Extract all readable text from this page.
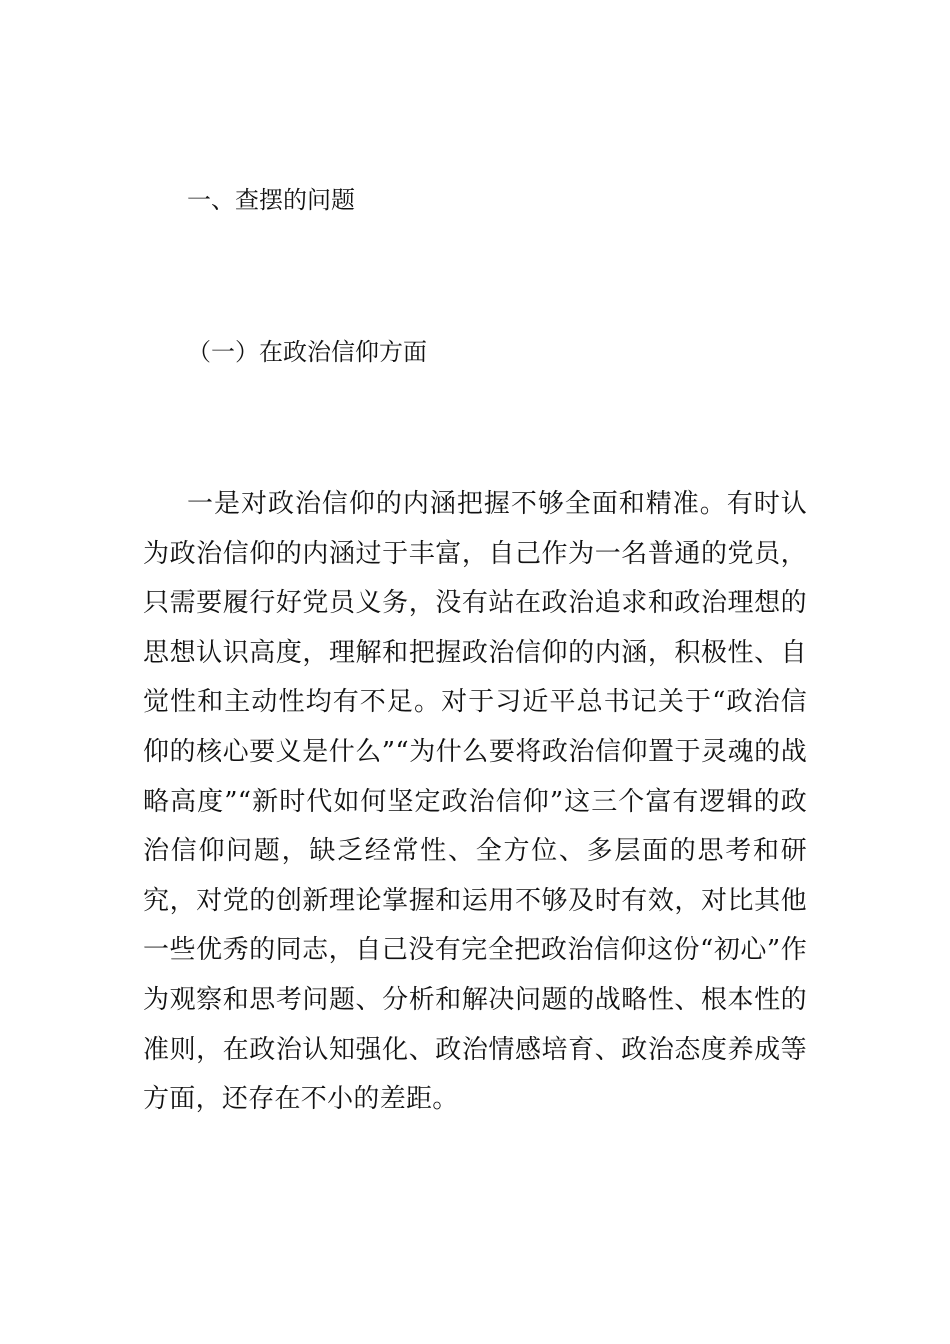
一、查摆的问题
（一）在政治信仰方面

一是对政治信仰的内涵把握不够全面和精准。有时认为政治信仰的内涵过于丰富，自己作为一名普通的党员，只需要履行好党员义务，没有站在政治追求和政治理想的思想认识高度，理解和把握政治信仰的内涵，积极性、自觉性和主动性均有不足。对于习近平总书记关于“政治信仰的核心要义是什么”“为什么要将政治信仰置于灵魂的战略高度”“新时代如何坚定政治信仰”这三个富有逻辑的政治信仰问题，缺乏经常性、全方位、多层面的思考和研究，对党的创新理论掌握和运用不够及时有效，对比其他一些优秀的同志，自己没有完全把政治信仰这份“初心”作为观察和思考问题、分析和解决问题的战略性、根本性的准则，在政治认知强化、政治情感培育、政治态度养成等方面，还存在不小的差距。
